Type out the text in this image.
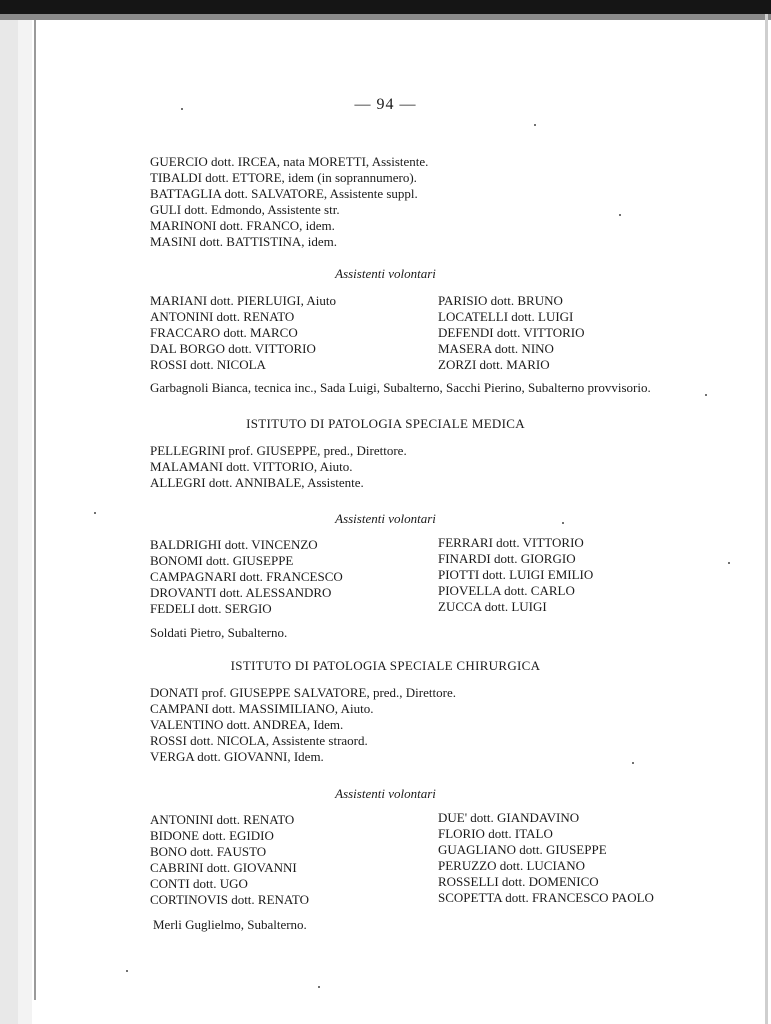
— 94 —
GUERCIO dott. IRCEA, nata MORETTI, Assistente.
TIBALDI dott. ETTORE, idem (in soprannumero).
BATTAGLIA dott. SALVATORE, Assistente suppl.
GULI dott. Edmondo, Assistente str.
MARINONI dott. FRANCO, idem.
MASINI dott. BATTISTINA, idem.
Assistenti volontari
MARIANI dott. PIERLUIGI, Aiuto
ANTONINI dott. RENATO
FRACCARO dott. MARCO
DAL BORGO dott. VITTORIO
ROSSI dott. NICOLA
PARISIO dott. BRUNO
LOCATELLI dott. LUIGI
DEFENDI dott. VITTORIO
MASERA dott. NINO
ZORZI dott. MARIO
Garbagnoli Bianca, tecnica inc., Sada Luigi, Subalterno, Sacchi Pierino, Subalterno provvisorio.
ISTITUTO DI PATOLOGIA SPECIALE MEDICA
PELLEGRINI prof. GIUSEPPE, pred., Direttore.
MALAMANI dott. VITTORIO, Aiuto.
ALLEGRI dott. ANNIBALE, Assistente.
Assistenti volontari
BALDRIGHI dott. VINCENZO
BONOMI dott. GIUSEPPE
CAMPAGNARI dott. FRANCESCO
DROVANTI dott. ALESSANDRO
FEDELI dott. SERGIO
FERRARI dott. VITTORIO
FINARDI dott. GIORGIO
PIOTTI dott. LUIGI EMILIO
PIOVELLA dott. CARLO
ZUCCA dott. LUIGI
Soldati Pietro, Subalterno.
ISTITUTO DI PATOLOGIA SPECIALE CHIRURGICA
DONATI prof. GIUSEPPE SALVATORE, pred., Direttore.
CAMPANI dott. MASSIMILIANO, Aiuto.
VALENTINO dott. ANDREA, Idem.
ROSSI dott. NICOLA, Assistente straord.
VERGA dott. GIOVANNI, Idem.
Assistenti volontari
ANTONINI dott. RENATO
BIDONE dott. EGIDIO
BONO dott. FAUSTO
CABRINI dott. GIOVANNI
CONTI dott. UGO
CORTINOVIS dott. RENATO
DUE' dott. GIANDAVINO
FLORIO dott. ITALO
GUAGLIANO dott. GIUSEPPE
PERUZZO dott. LUCIANO
ROSSELLI dott. DOMENICO
SCOPETTA dott. FRANCESCO PAOLO
Merli Guglielmo, Subalterno.
